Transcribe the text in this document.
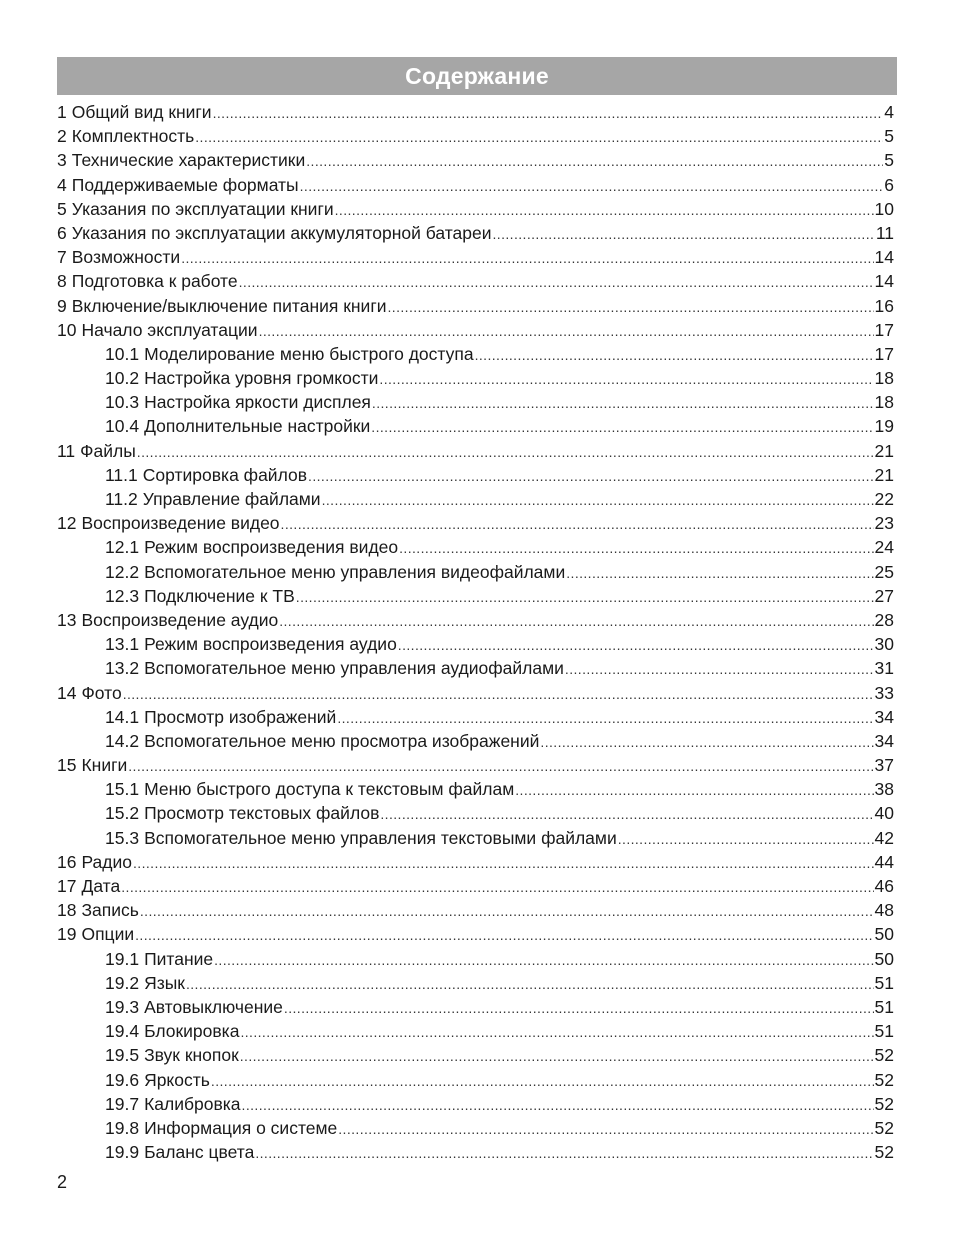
Содержание
1 Общий вид книги .....	4
2 Комплектность .....	5
3 Технические характеристики .....	5
4 Поддерживаемые форматы .....	6
5 Указания по эксплуатации книги .....	10
6 Указания по эксплуатации аккумуляторной батареи .....	11
7 Возможности .....	14
8 Подготовка к работе .....	14
9 Включение/выключение питания книги .....	16
10 Начало эксплуатации .....	17
10.1 Моделирование меню быстрого доступа .....	17
10.2 Настройка уровня громкости .....	18
10.3 Настройка яркости дисплея .....	18
10.4 Дополнительные настройки .....	19
11 Файлы .....	21
11.1 Сортировка файлов .....	21
11.2 Управление файлами .....	22
12 Воспроизведение видео .....	23
12.1 Режим воспроизведения видео .....	24
12.2 Вспомогательное меню управления видеофайлами .....	25
12.3 Подключение к ТВ .....	27
13 Воспроизведение аудио .....	28
13.1 Режим воспроизведения аудио .....	30
13.2 Вспомогательное меню управления аудиофайлами .....	31
14 Фото .....	33
14.1 Просмотр изображений .....	34
14.2 Вспомогательное меню просмотра изображений .....	34
15 Книги .....	37
15.1 Меню быстрого доступа к текстовым файлам .....	38
15.2 Просмотр текстовых файлов .....	40
15.3 Вспомогательное меню управления текстовыми файлами .....	42
16 Радио .....	44
17 Дата .....	46
18 Запись .....	48
19 Опции .....	50
19.1 Питание .....	50
19.2 Язык .....	51
19.3 Автовыключение .....	51
19.4 Блокировка .....	51
19.5 Звук кнопок .....	52
19.6 Яркость .....	52
19.7 Калибровка .....	52
19.8 Информация о системе .....	52
19.9 Баланс цвета .....	52
2
